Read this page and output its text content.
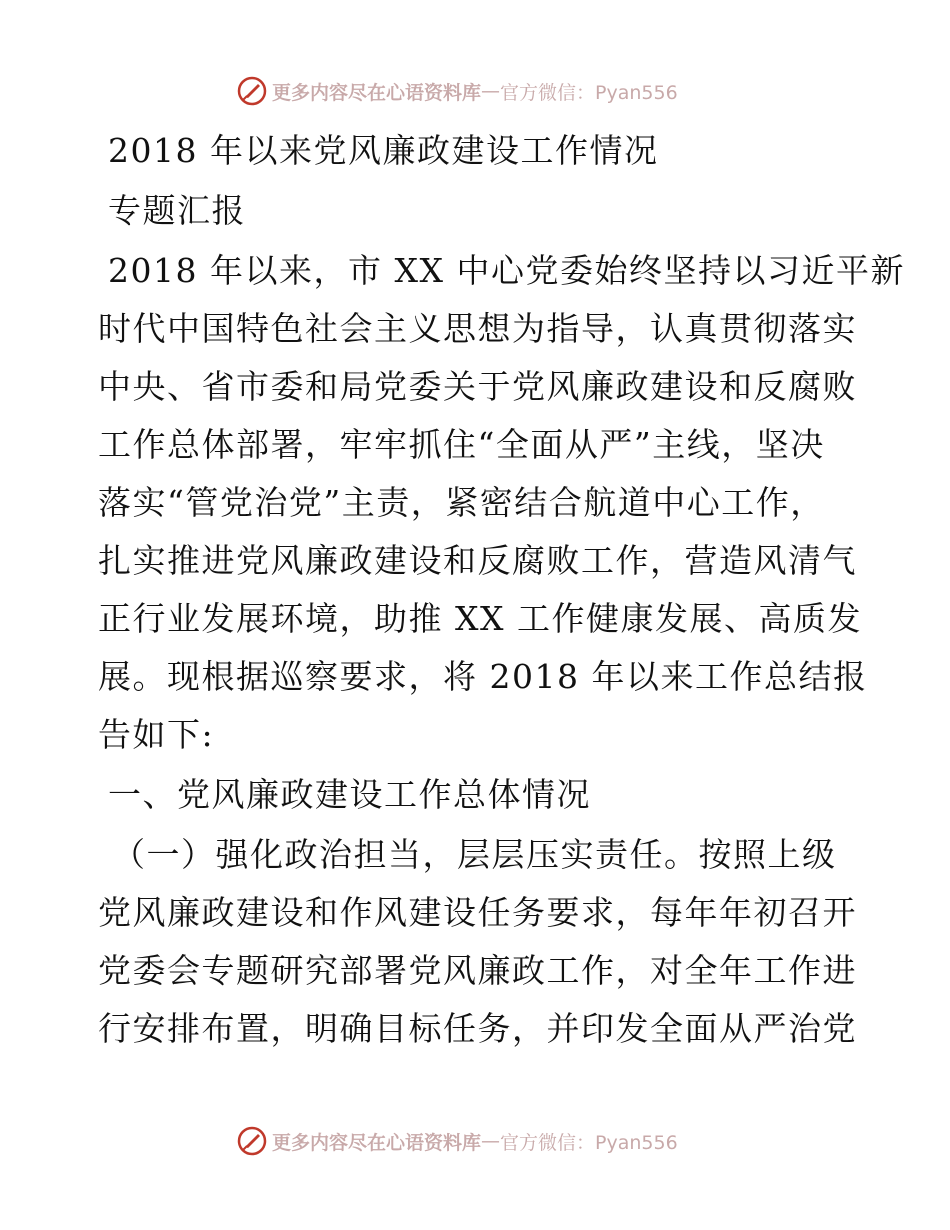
更多内容尽在心语资料库 — 官方微信：Pyan556
2018 年以来党风廉政建设工作情况
专题汇报
2018 年以来，市 XX 中心党委始终坚持以习近平新
时代中国特色社会主义思想为指导，认真贯彻落实
中央、省市委和局党委关于党风廉政建设和反腐败
工作总体部署，牢牢抓住“全面从严”主线，坚决
落实“管党治党”主责，紧密结合航道中心工作，
扎实推进党风廉政建设和反腐败工作，营造风清气
正行业发展环境，助推 XX 工作健康发展、高质发
展。现根据巡察要求，将 2018 年以来工作总结报
告如下:
一、党风廉政建设工作总体情况
（一）强化政治担当，层层压实责任。按照上级
党风廉政建设和作风建设任务要求，每年年初召开
党委会专题研究部署党风廉政工作，对全年工作进
行安排布置，明确目标任务，并印发全面从严治党
更多内容尽在心语资料库 — 官方微信：Pyan556
